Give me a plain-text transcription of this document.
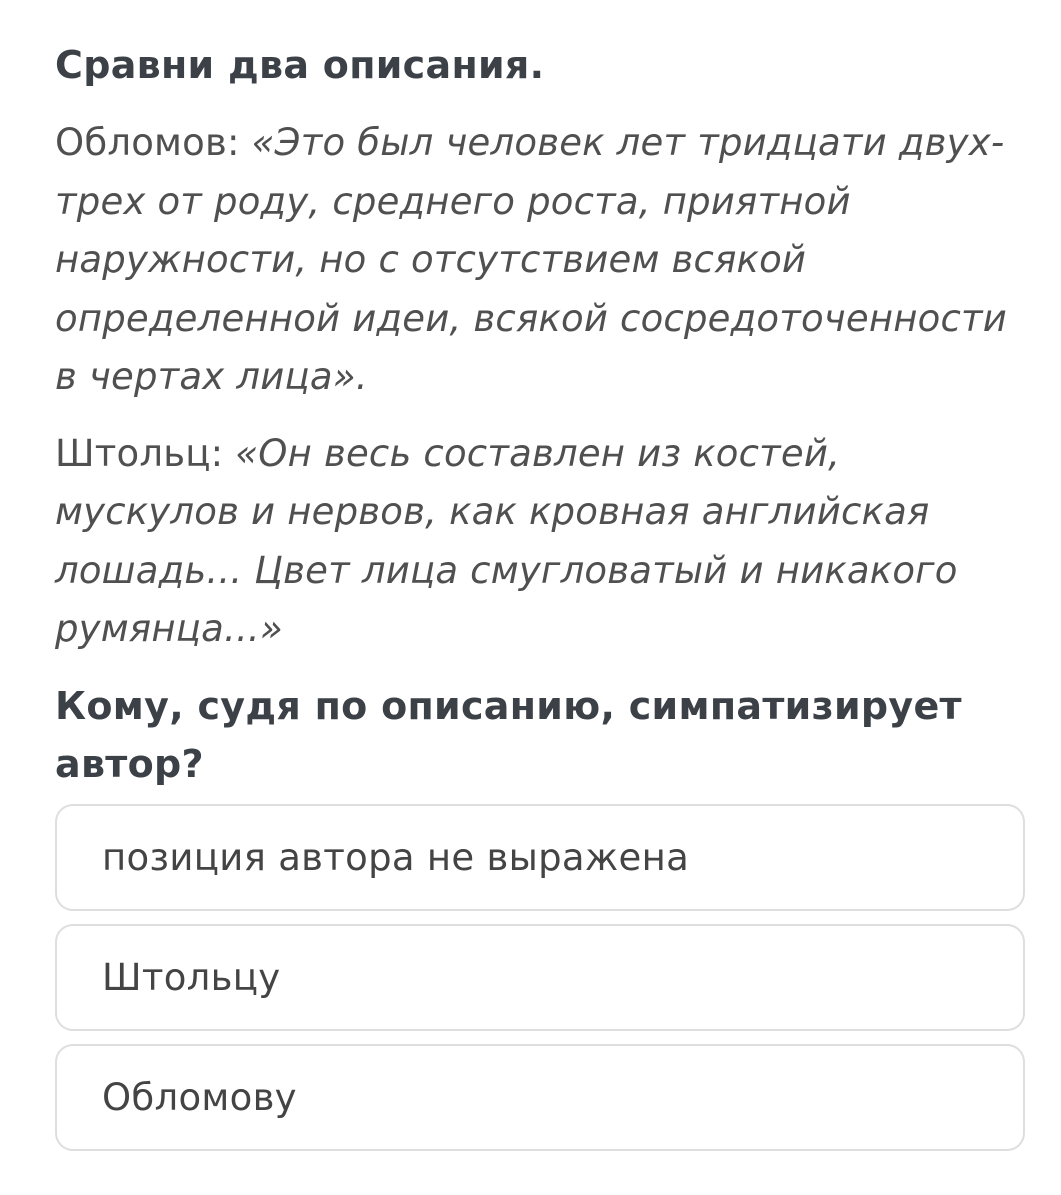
Сравни два описания.
Обломов: «Это был человек лет тридцати двух-трех от роду, среднего роста, приятной наружности, но с отсутствием всякой определенной идеи, всякой сосредоточенности в чертах лица».
Штольц: «Он весь составлен из костей, мускулов и нервов, как кровная английская лошадь... Цвет лица смугловатый и никакого румянца...»
Кому, судя по описанию, симпатизирует автор?
позиция автора не выражена
Штольцу
Обломову
